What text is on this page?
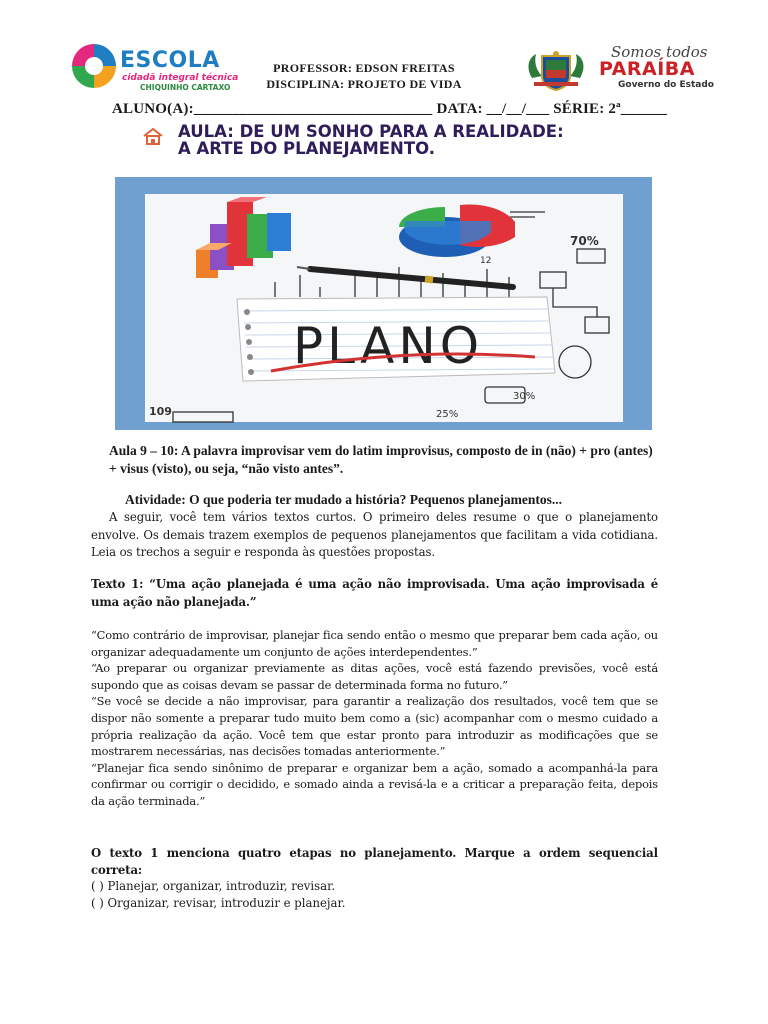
ESCOLA
cidadã integral técnica
CHIQUINHO CARTAXO
PROFESSOR: EDSON FREITAS
DISCIPLINA: PROJETO DE VIDA
Somos todos
PARAÍBA
Governo do Estado
ALUNO(A):_______________________________ DATA: __/__/___ SÉRIE: 2ª______
AULA: DE UM SONHO PARA A REALIDADE:
A ARTE DO PLANEJAMENTO.
PLANO
70%
30%
25%
12
109
Aula 9 – 10: A palavra improvisar vem do latim improvisus, composto de in (não) + pro (antes) + visus (visto), ou seja, “não visto antes”.
Atividade: O que poderia ter mudado a história? Pequenos planejamentos...
A seguir, você tem vários textos curtos. O primeiro deles resume o que o planejamento envolve. Os demais trazem exemplos de pequenos planejamentos que facilitam a vida cotidiana. Leia os trechos a seguir e responda às questões propostas.
Texto 1: “Uma ação planejada é uma ação não improvisada. Uma ação improvisada é uma ação não planejada.”

“Como contrário de improvisar, planejar fica sendo então o mesmo que preparar bem cada ação, ou organizar adequadamente um conjunto de ações interdependentes.”

“Ao preparar ou organizar previamente as ditas ações, você está fazendo previsões, você está supondo que as coisas devam se passar de determinada forma no futuro.”

“Se você se decide a não improvisar, para garantir a realização dos resultados, você tem que se dispor não somente a preparar tudo muito bem como a (sic) acompanhar com o mesmo cuidado a própria realização da ação. Você tem que estar pronto para introduzir as modificações que se mostrarem necessárias, nas decisões tomadas anteriormente.”

“Planejar fica sendo sinônimo de preparar e organizar bem a ação, somado a acompanhá-la para confirmar ou corrigir o decidido, e somado ainda a revisá-la e a criticar a preparação feita, depois da ação terminada.”

O texto 1 menciona quatro etapas no planejamento. Marque a ordem sequencial correta:
( ) Planejar, organizar, introduzir, revisar.
( ) Organizar, revisar, introduzir e planejar.
